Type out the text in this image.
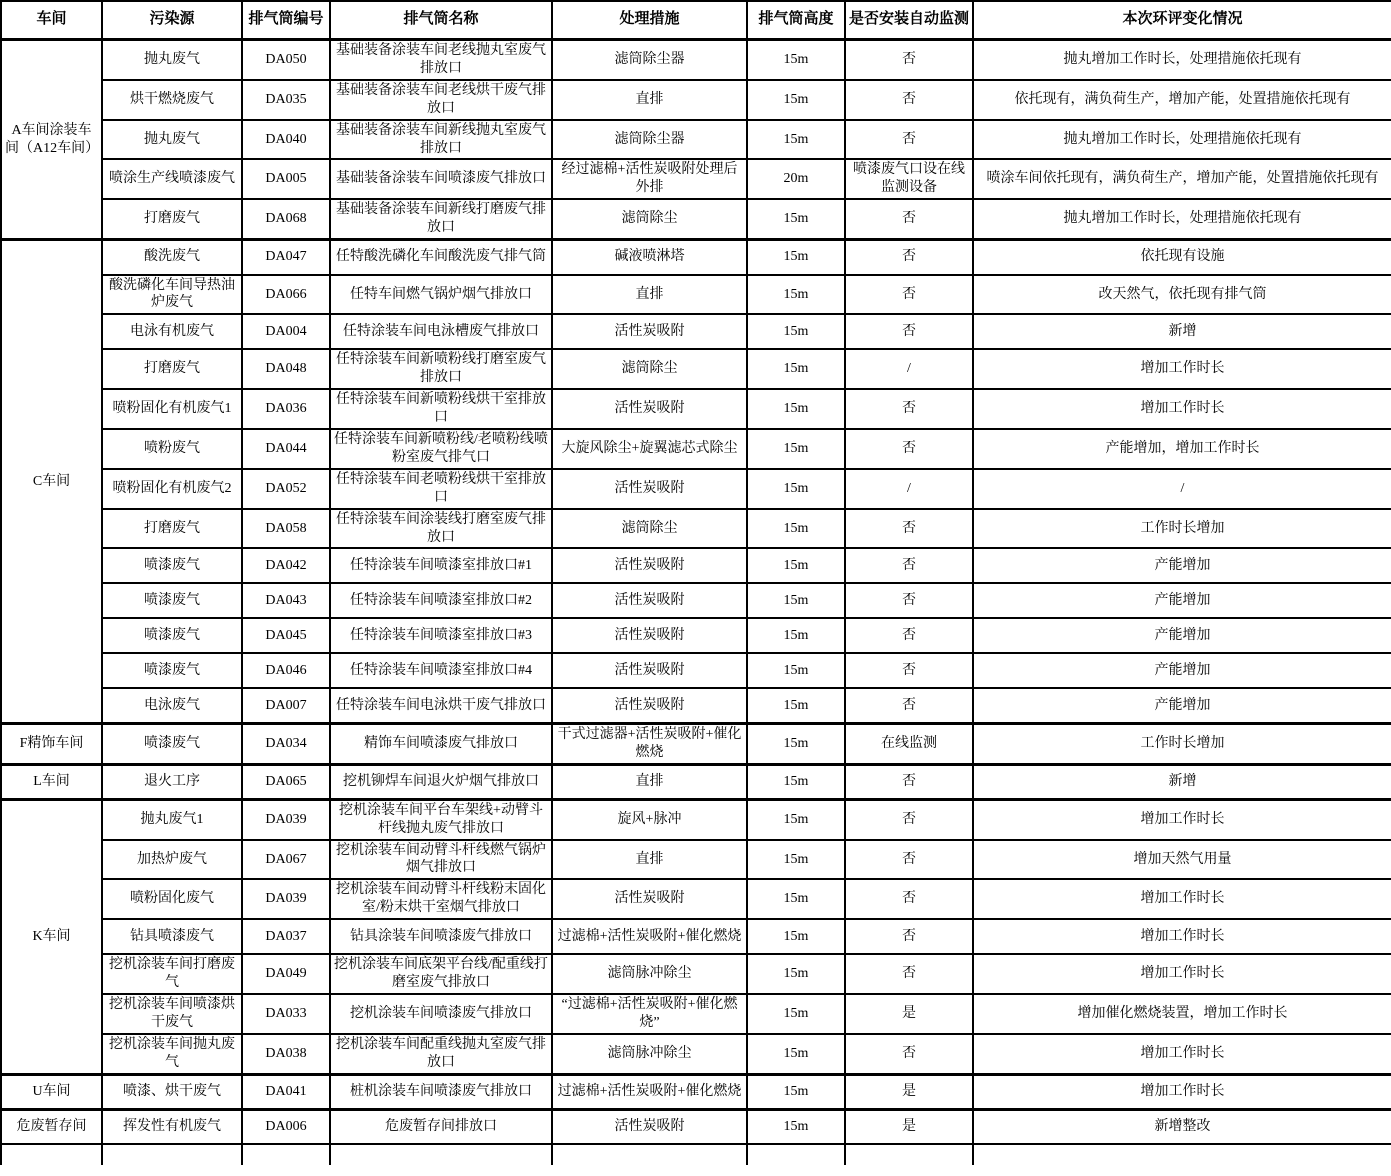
车间	污染源	排气筒编号	排气筒名称	处理措施	排气筒高度	是否安装自动监测	本次环评变化情况
A车间涂装车间（A12车间）	抛丸废气	DA050	基础装备涂装车间老线抛丸室废气排放口	滤筒除尘器	15m	否	抛丸增加工作时长，处理措施依托现有
	烘干燃烧废气	DA035	基础装备涂装车间老线烘干废气排放口	直排	15m	否	依托现有，满负荷生产，增加产能，处置措施依托现有
	抛丸废气	DA040	基础装备涂装车间新线抛丸室废气排放口	滤筒除尘器	15m	否	抛丸增加工作时长，处理措施依托现有
	喷涂生产线喷漆废气	DA005	基础装备涂装车间喷漆废气排放口	经过滤棉+活性炭吸附处理后外排	20m	喷漆废气口设在线监测设备	喷涂车间依托现有，满负荷生产，增加产能，处置措施依托现有
	打磨废气	DA068	基础装备涂装车间新线打磨废气排放口	滤筒除尘	15m	否	抛丸增加工作时长，处理措施依托现有
C车间	酸洗废气	DA047	任特酸洗磷化车间酸洗废气排气筒	碱液喷淋塔	15m	否	依托现有设施
	酸洗磷化车间导热油炉废气	DA066	任特车间燃气锅炉烟气排放口	直排	15m	否	改天然气，依托现有排气筒
	电泳有机废气	DA004	任特涂装车间电泳槽废气排放口	活性炭吸附	15m	否	新增
	打磨废气	DA048	任特涂装车间新喷粉线打磨室废气排放口	滤筒除尘	15m	/	增加工作时长
	喷粉固化有机废气1	DA036	任特涂装车间新喷粉线烘干室排放口	活性炭吸附	15m	否	增加工作时长
	喷粉废气	DA044	任特涂装车间新喷粉线/老喷粉线喷粉室废气排气口	大旋风除尘+旋翼滤芯式除尘	15m	否	产能增加，增加工作时长
	喷粉固化有机废气2	DA052	任特涂装车间老喷粉线烘干室排放口	活性炭吸附	15m	/	/
	打磨废气	DA058	任特涂装车间涂装线打磨室废气排放口	滤筒除尘	15m	否	工作时长增加
	喷漆废气	DA042	任特涂装车间喷漆室排放口#1	活性炭吸附	15m	否	产能增加
	喷漆废气	DA043	任特涂装车间喷漆室排放口#2	活性炭吸附	15m	否	产能增加
	喷漆废气	DA045	任特涂装车间喷漆室排放口#3	活性炭吸附	15m	否	产能增加
	喷漆废气	DA046	任特涂装车间喷漆室排放口#4	活性炭吸附	15m	否	产能增加
	电泳废气	DA007	任特涂装车间电泳烘干废气排放口	活性炭吸附	15m	否	产能增加
F精饰车间	喷漆废气	DA034	精饰车间喷漆废气排放口	干式过滤器+活性炭吸附+催化燃烧	15m	在线监测	工作时长增加
L车间	退火工序	DA065	挖机铆焊车间退火炉烟气排放口	直排	15m	否	新增
K车间	抛丸废气1	DA039	挖机涂装车间平台车架线+动臂斗杆线抛丸废气排放口	旋风+脉冲	15m	否	增加工作时长
	加热炉废气	DA067	挖机涂装车间动臂斗杆线燃气锅炉烟气排放口	直排	15m	否	增加天然气用量
	喷粉固化废气	DA039	挖机涂装车间动臂斗杆线粉末固化室/粉末烘干室烟气排放口	活性炭吸附	15m	否	增加工作时长
	钻具喷漆废气	DA037	钻具涂装车间喷漆废气排放口	过滤棉+活性炭吸附+催化燃烧	15m	否	增加工作时长
	挖机涂装车间打磨废气	DA049	挖机涂装车间底架平台线/配重线打磨室废气排放口	滤筒脉冲除尘	15m	否	增加工作时长
	挖机涂装车间喷漆烘干废气	DA033	挖机涂装车间喷漆废气排放口	“过滤棉+活性炭吸附+催化燃烧”	15m	是	增加催化燃烧装置，增加工作时长
	挖机涂装车间抛丸废气	DA038	挖机涂装车间配重线抛丸室废气排放口	滤筒脉冲除尘	15m	否	增加工作时长
U车间	喷漆、烘干废气	DA041	桩机涂装车间喷漆废气排放口	过滤棉+活性炭吸附+催化燃烧	15m	是	增加工作时长
危废暂存间	挥发性有机废气	DA006	危废暂存间排放口	活性炭吸附	15m	是	新增整改
